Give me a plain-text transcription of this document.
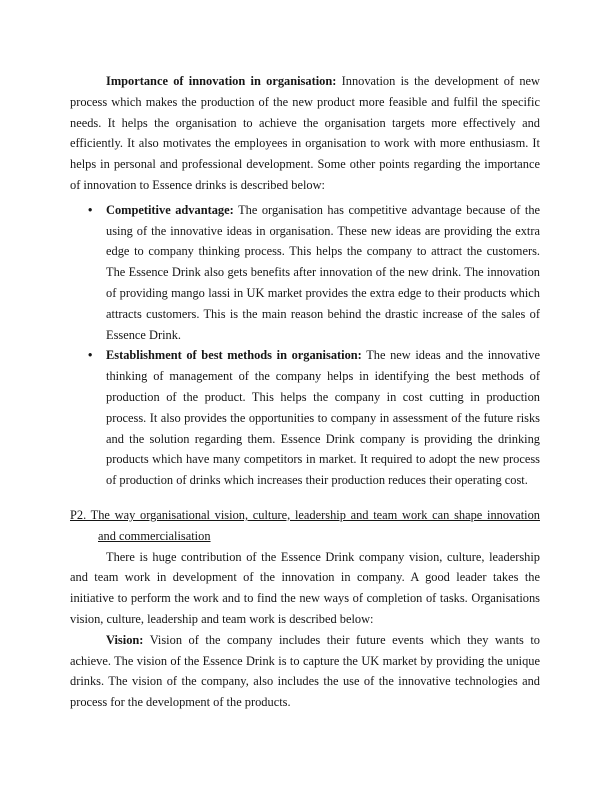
Importance of innovation in organisation: Innovation is the development of new process which makes the production of the new product more feasible and fulfil the specific needs. It helps the organisation to achieve the organisation targets more effectively and efficiently. It also motivates the employees in organisation to work with more enthusiasm. It helps in personal and professional development. Some other points regarding the importance of innovation to Essence drinks is described below:

• Competitive advantage: The organisation has competitive advantage because of the using of the innovative ideas in organisation. These new ideas are providing the extra edge to company thinking process. This helps the company to attract the customers. The Essence Drink also gets benefits after innovation of the new drink. The innovation of providing mango lassi in UK market provides the extra edge to their products which attracts customers. This is the main reason behind the drastic increase of the sales of Essence Drink.
• Establishment of best methods in organisation: The new ideas and the innovative thinking of management of the company helps in identifying the best methods of production of the product. This helps the company in cost cutting in production process. It also provides the opportunities to company in assessment of the future risks and the solution regarding them. Essence Drink company is providing the drinking products which have many competitors in market. It required to adopt the new process of production of drinks which increases their production reduces their operating cost.

P2. The way organisational vision, culture, leadership and team work can shape innovation and commercialisation

There is huge contribution of the Essence Drink company vision, culture, leadership and team work in development of the innovation in company. A good leader takes the initiative to perform the work and to find the new ways of completion of tasks. Organisations vision, culture, leadership and team work is described below:

Vision: Vision of the company includes their future events which they wants to achieve. The vision of the Essence Drink is to capture the UK market by providing the unique drinks. The vision of the company, also includes the use of the innovative technologies and process for the development of the products.
